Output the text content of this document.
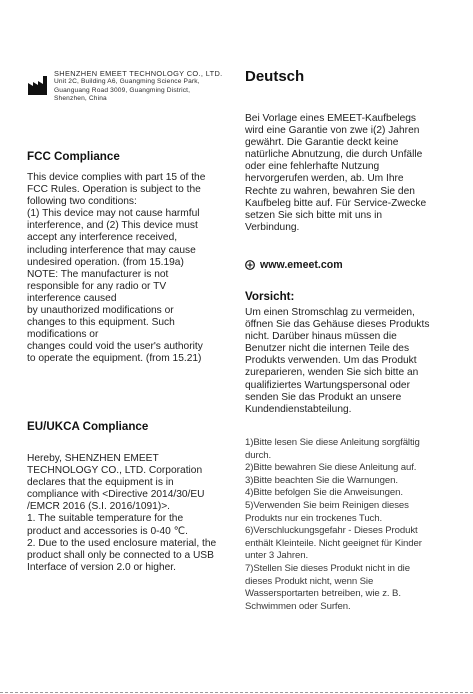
SHENZHEN EMEET TECHNOLOGY CO., LTD.
Unit 2C, Building A6, Guangming Science Park,
Guanguang Road 3009, Guangming District,
Shenzhen, China
FCC Compliance
This device complies with part 15 of the
FCC Rules. Operation is subject to the
following two conditions:
(1) This device may not cause harmful
interference, and (2) This device must
accept any interference received,
including interference that may cause
undesired operation. (from 15.19a)
NOTE: The manufacturer is not
responsible for any radio or TV
interference caused
by unauthorized modifications or
changes to this equipment. Such
modifications or
changes could void the user's authority
to operate the equipment. (from 15.21)
EU/UKCA Compliance
Hereby, SHENZHEN EMEET
TECHNOLOGY CO., LTD. Corporation
declares that the equipment is in
compliance with <Directive 2014/30/EU
/EMCR 2016 (S.I. 2016/1091)>.
1. The suitable temperature for the
product and accessories is 0-40 ℃.
2. Due to the used enclosure material, the
product shall only be connected to a USB
Interface of version 2.0 or higher.
Deutsch
Bei Vorlage eines EMEET-Kaufbelegs
wird eine Garantie von zwe i(2) Jahren
gewährt. Die Garantie deckt keine
natürliche Abnutzung, die durch Unfälle
oder eine fehlerhafte Nutzung
hervorgerufen werden, ab. Um Ihre
Rechte zu wahren, bewahren Sie den
Kaufbeleg bitte auf. Für Service-Zwecke
setzen Sie sich bitte mit uns in
Verbindung.
www.emeet.com
Vorsicht:
Um einen Stromschlag zu vermeiden,
öffnen Sie das Gehäuse dieses Produkts
nicht. Darüber hinaus müssen die
Benutzer nicht die internen Teile des
Produkts verwenden. Um das Produkt
zureparieren, wenden Sie sich bitte an
qualifiziertes Wartungspersonal oder
senden Sie das Produkt an unsere
Kundendienstabteilung.
1)Bitte lesen Sie diese Anleitung sorgfältig
durch.
2)Bitte bewahren Sie diese Anleitung auf.
3)Bitte beachten Sie die Warnungen.
4)Bitte befolgen Sie die Anweisungen.
5)Verwenden Sie beim Reinigen dieses
Produkts nur ein trockenes Tuch.
6)Verschluckungsgefahr - Dieses Produkt
enthält Kleinteile. Nicht geeignet für Kinder
unter 3 Jahren.
7)Stellen Sie dieses Produkt nicht in die
dieses Produkt nicht, wenn Sie
Wassersportarten betreiben, wie z. B.
Schwimmen oder Surfen.
